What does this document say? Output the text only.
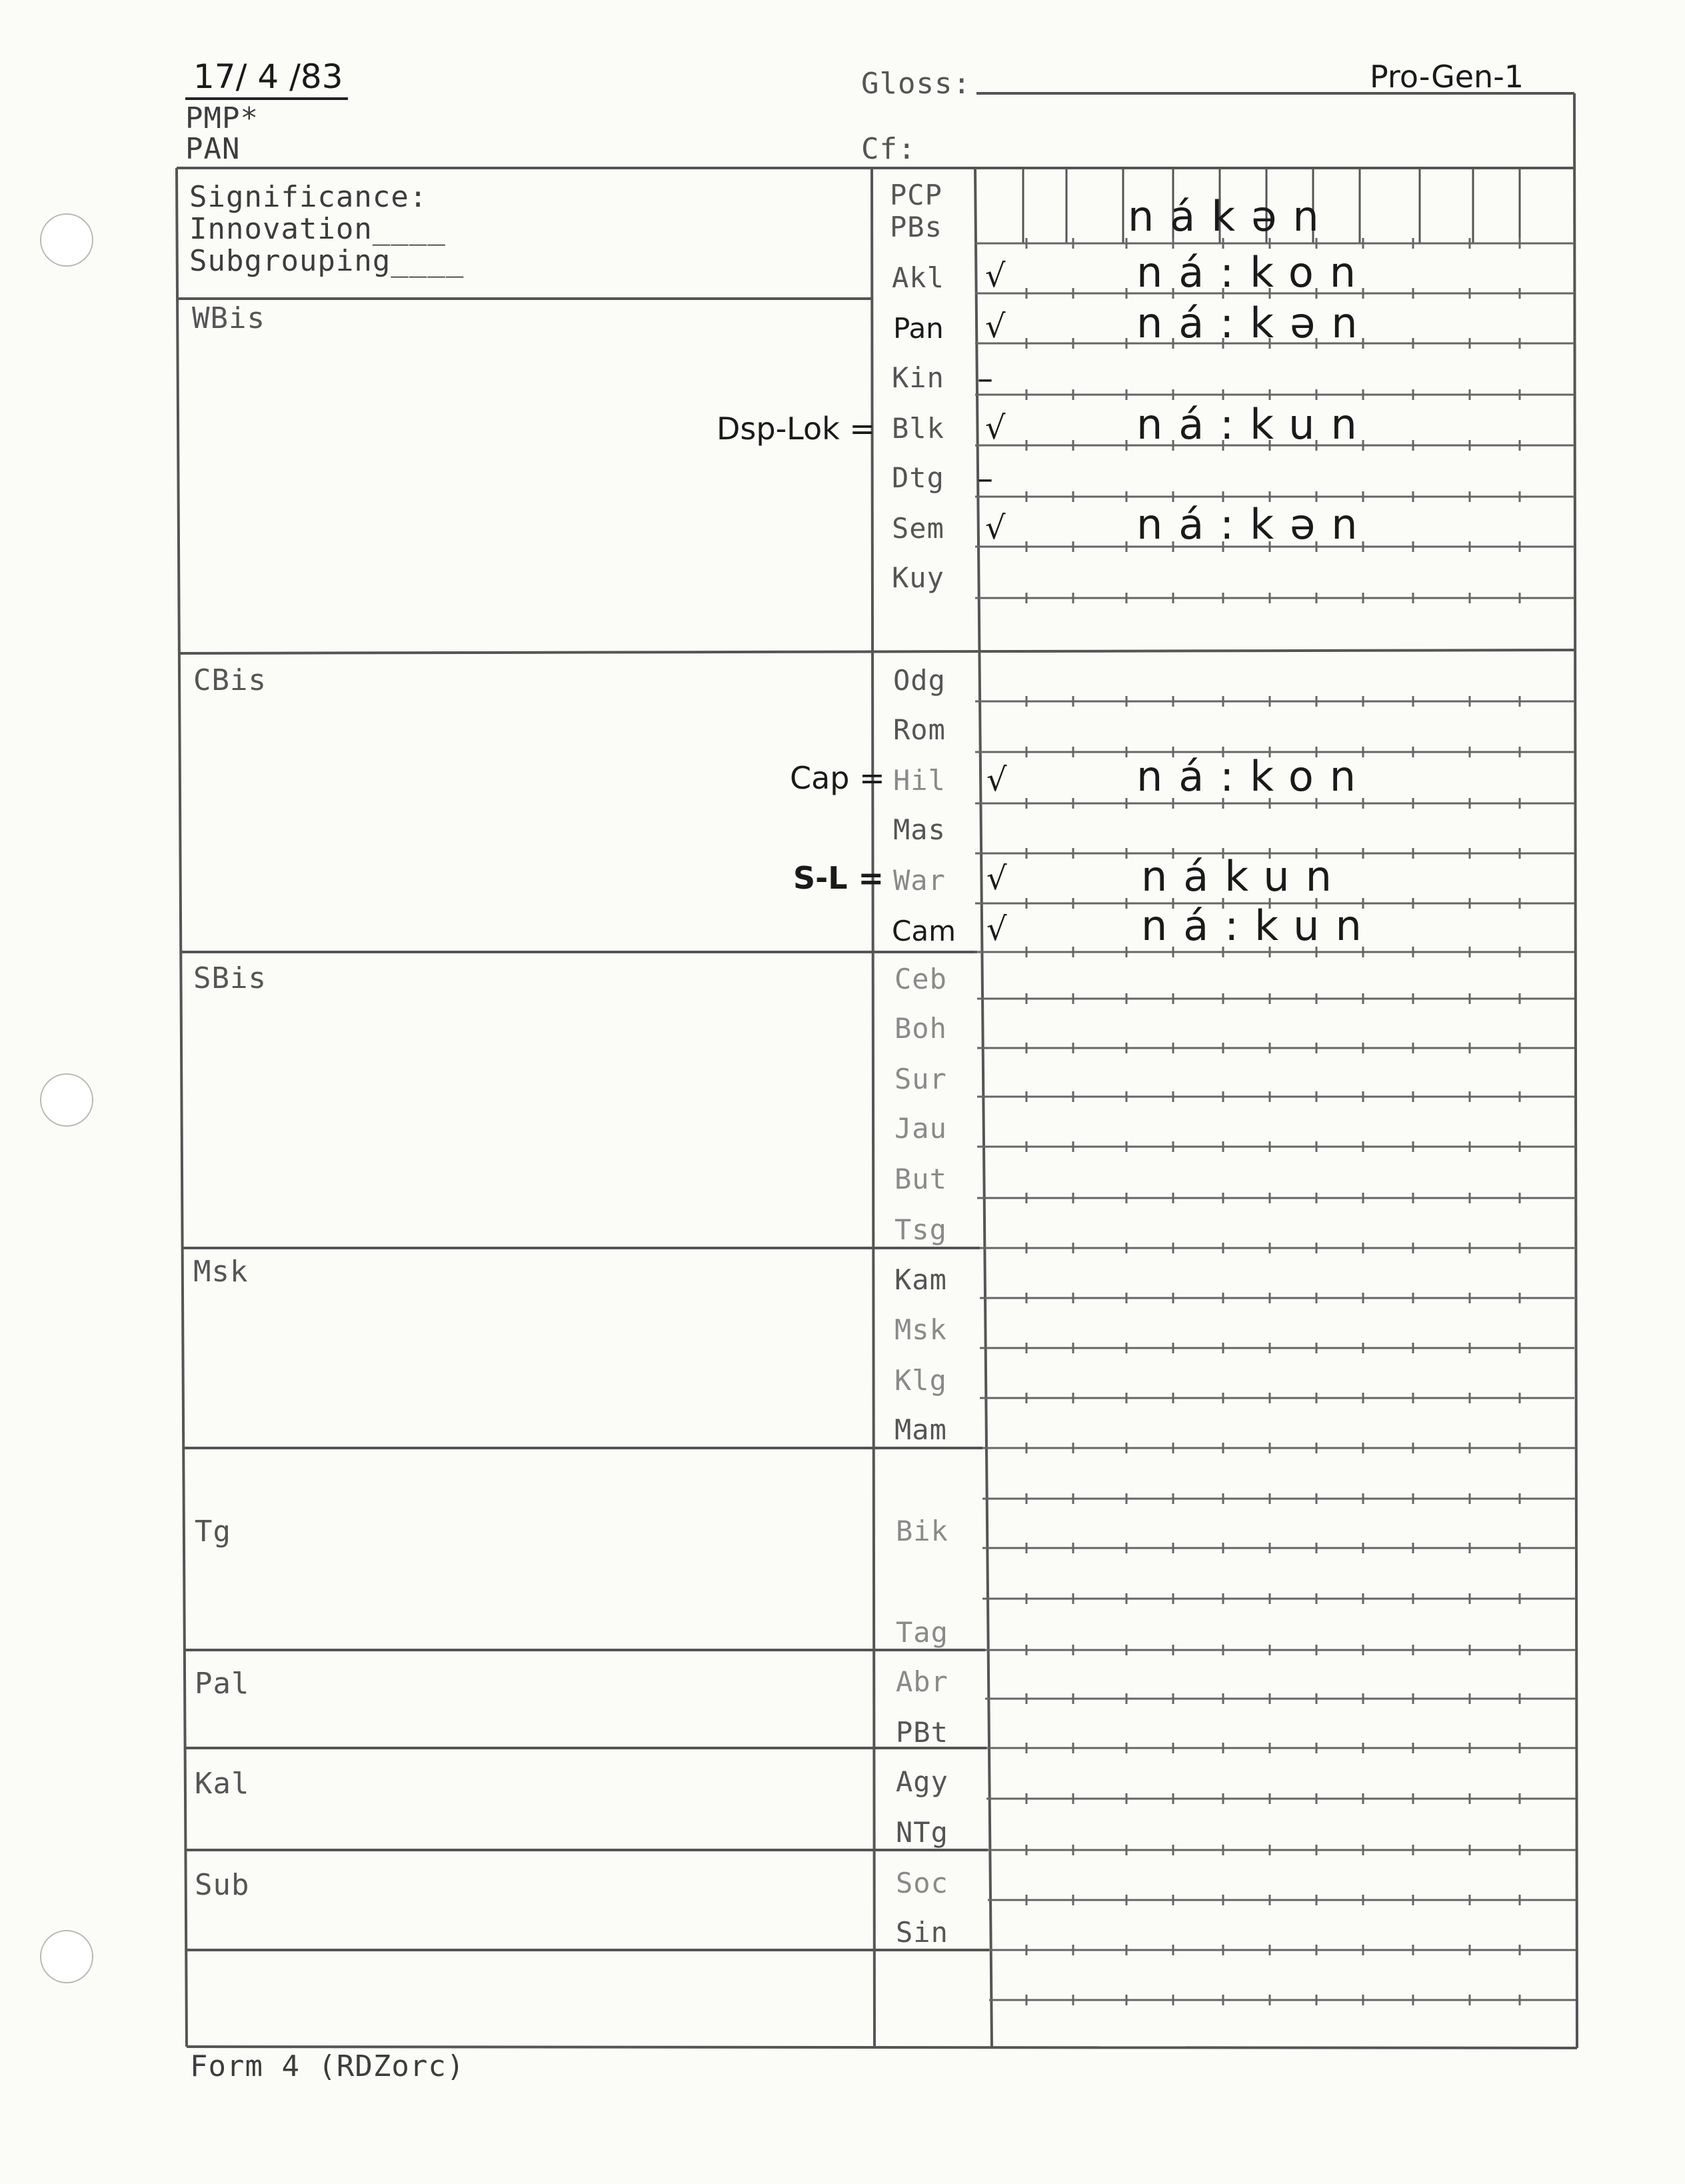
17/ 4 /83
PMP*
PAN
Gloss:	Pro-Gen-1
Cf:
Significance:
Innovation____
Subgrouping____
WBis
CBis
SBis
Msk
Tg
Pal
Kal
Sub
Dsp-Lok =
Cap =
S-L =
PCP
PBs
Akl
Pan
Kin
Blk
Dtg
Sem
Kuy
Odg
Rom
Hil
Mas
War
Cam
Ceb
Boh
Sur
Jau
But
Tsg
Kam
Msk
Klg
Mam
Bik
Tag
Abr
PBt
Agy
NTg
Soc
Sin
√
√
–
√
–
√
√
√
√
nákən
ná:kon
ná:kən
ná:kun
ná:kən
ná:kon
nákun
ná:kun
Form 4 (RDZorc)
